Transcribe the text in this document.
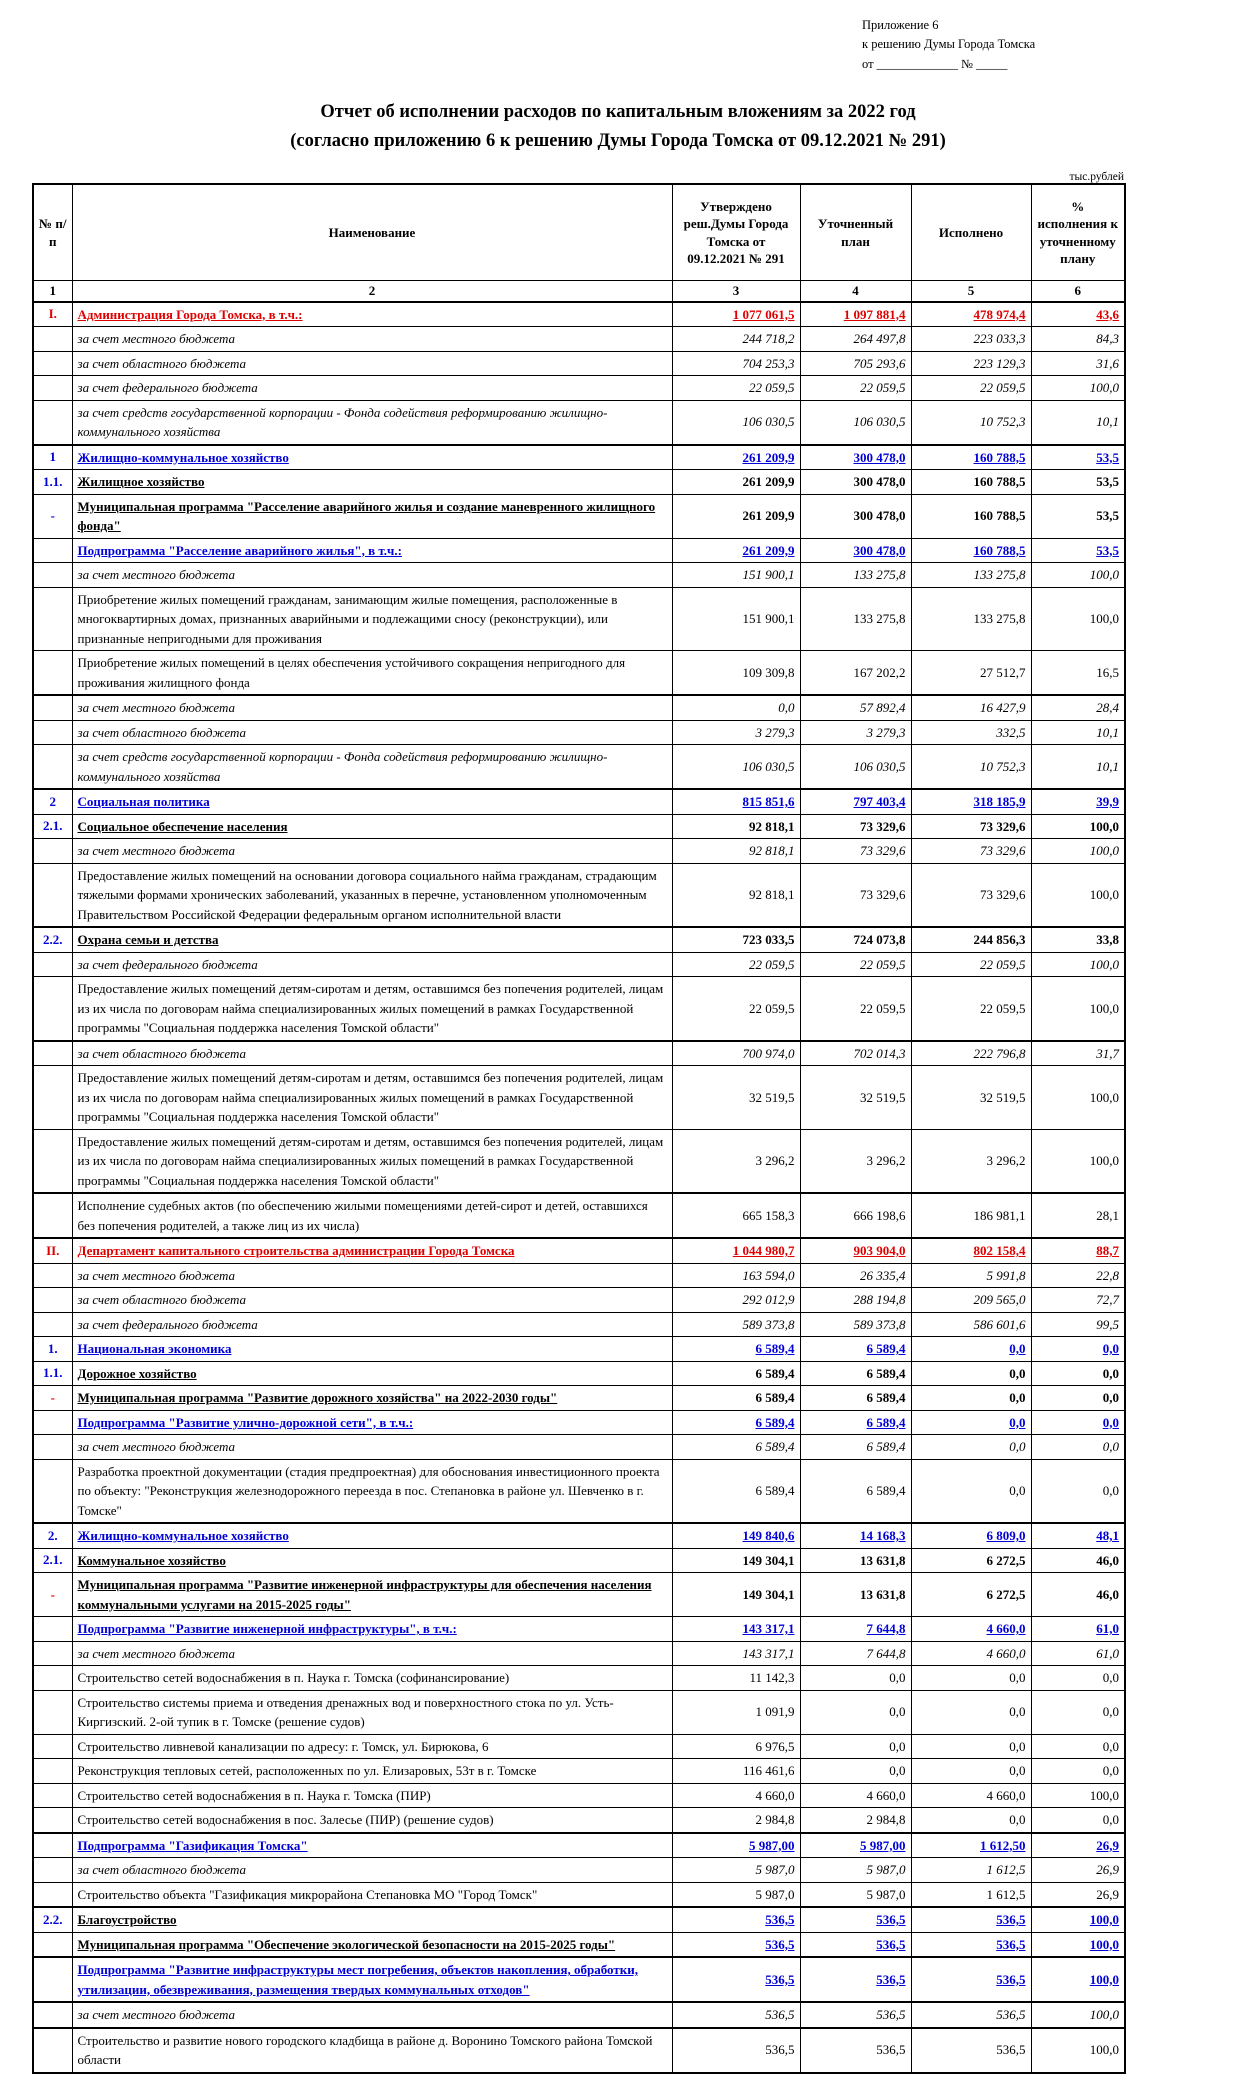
Приложение 6
к решению Думы Города Томска
от _____________ № _____
Отчет об исполнении расходов по капитальным вложениям за 2022 год
(согласно приложению 6 к решению Думы Города Томска от 09.12.2021 № 291)
тыс.рублей
№ п/п	Наименование	Утверждено реш.Думы Города Томска от 09.12.2021 № 291	Уточненный план	Исполнено	% исполнения к уточненному плану
1	2	3	4	5	6
I.	Администрация Города Томска, в т.ч.:	1 077 061,5	1 097 881,4	478 974,4	43,6
	за счет местного бюджета	244 718,2	264 497,8	223 033,3	84,3
	за счет областного бюджета	704 253,3	705 293,6	223 129,3	31,6
	за счет федерального бюджета	22 059,5	22 059,5	22 059,5	100,0
	за счет средств государственной корпорации - Фонда содействия реформированию жилищно-коммунального хозяйства	106 030,5	106 030,5	10 752,3	10,1
1	Жилищно-коммунальное хозяйство	261 209,9	300 478,0	160 788,5	53,5
1.1.	Жилищное хозяйство	261 209,9	300 478,0	160 788,5	53,5
-	Муниципальная программа "Расселение аварийного жилья и создание маневренного жилищного фонда"	261 209,9	300 478,0	160 788,5	53,5
	Подпрограмма "Расселение аварийного жилья", в т.ч.:	261 209,9	300 478,0	160 788,5	53,5
	за счет местного бюджета	151 900,1	133 275,8	133 275,8	100,0
	Приобретение жилых помещений гражданам, занимающим жилые помещения, расположенные в многоквартирных домах, признанных аварийными и подлежащими сносу (реконструкции), или признанные непригодными для проживания	151 900,1	133 275,8	133 275,8	100,0
	Приобретение жилых помещений в целях обеспечения устойчивого сокращения непригодного для проживания жилищного фонда	109 309,8	167 202,2	27 512,7	16,5
	за счет местного бюджета	0,0	57 892,4	16 427,9	28,4
	за счет областного бюджета	3 279,3	3 279,3	332,5	10,1
	за счет средств государственной корпорации - Фонда содействия реформированию жилищно-коммунального хозяйства	106 030,5	106 030,5	10 752,3	10,1
2	Социальная политика	815 851,6	797 403,4	318 185,9	39,9
2.1.	Социальное обеспечение населения	92 818,1	73 329,6	73 329,6	100,0
	за счет местного бюджета	92 818,1	73 329,6	73 329,6	100,0
	Предоставление жилых помещений на основании договора социального найма гражданам, страдающим тяжелыми формами хронических заболеваний, указанных в перечне, установленном уполномоченным Правительством Российской Федерации федеральным органом исполнительной власти	92 818,1	73 329,6	73 329,6	100,0
2.2.	Охрана семьи и детства	723 033,5	724 073,8	244 856,3	33,8
	за счет федерального бюджета	22 059,5	22 059,5	22 059,5	100,0
	Предоставление жилых помещений детям-сиротам и детям, оставшимся без попечения родителей, лицам из их числа по договорам найма специализированных жилых помещений в рамках Государственной программы "Социальная поддержка населения Томской области"	22 059,5	22 059,5	22 059,5	100,0
	за счет областного бюджета	700 974,0	702 014,3	222 796,8	31,7
	Предоставление жилых помещений детям-сиротам и детям, оставшимся без попечения родителей, лицам из их числа по договорам найма специализированных жилых помещений в рамках Государственной программы "Социальная поддержка населения Томской области"	32 519,5	32 519,5	32 519,5	100,0
	Предоставление жилых помещений детям-сиротам и детям, оставшимся без попечения родителей, лицам из их числа по договорам найма специализированных жилых помещений в рамках Государственной программы "Социальная поддержка населения Томской области"	3 296,2	3 296,2	3 296,2	100,0
	Исполнение судебных актов (по обеспечению жилыми помещениями детей-сирот и детей, оставшихся без попечения родителей, а также лиц из их числа)	665 158,3	666 198,6	186 981,1	28,1
II.	Департамент капитального строительства администрации Города Томска	1 044 980,7	903 904,0	802 158,4	88,7
	за счет местного бюджета	163 594,0	26 335,4	5 991,8	22,8
	за счет областного бюджета	292 012,9	288 194,8	209 565,0	72,7
	за счет федерального бюджета	589 373,8	589 373,8	586 601,6	99,5
1.	Национальная экономика	6 589,4	6 589,4	0,0	0,0
1.1.	Дорожное хозяйство	6 589,4	6 589,4	0,0	0,0
-	Муниципальная программа "Развитие дорожного хозяйства" на 2022-2030 годы"	6 589,4	6 589,4	0,0	0,0
	Подпрограмма "Развитие улично-дорожной сети", в т.ч.:	6 589,4	6 589,4	0,0	0,0
	за счет местного бюджета	6 589,4	6 589,4	0,0	0,0
	Разработка проектной документации (стадия предпроектная) для обоснования инвестиционного проекта по объекту: "Реконструкция железнодорожного переезда в пос. Степановка в районе ул. Шевченко в г. Томске"	6 589,4	6 589,4	0,0	0,0
2.	Жилищно-коммунальное хозяйство	149 840,6	14 168,3	6 809,0	48,1
2.1.	Коммунальное хозяйство	149 304,1	13 631,8	6 272,5	46,0
-	Муниципальная программа "Развитие инженерной инфраструктуры для обеспечения населения коммунальными услугами на 2015-2025 годы"	149 304,1	13 631,8	6 272,5	46,0
	Подпрограмма "Развитие инженерной инфраструктуры", в т.ч.:	143 317,1	7 644,8	4 660,0	61,0
	за счет местного бюджета	143 317,1	7 644,8	4 660,0	61,0
	Строительство сетей водоснабжения в п. Наука г. Томска (софинансирование)	11 142,3	0,0	0,0	0,0
	Строительство системы приема и отведения дренажных вод и поверхностного стока по ул. Усть-Киргизский. 2-ой тупик в г. Томске (решение судов)	1 091,9	0,0	0,0	0,0
	Строительство ливневой канализации по адресу: г. Томск, ул. Бирюкова, 6	6 976,5	0,0	0,0	0,0
	Реконструкция тепловых сетей, расположенных по ул. Елизаровых, 53т в г. Томске	116 461,6	0,0	0,0	0,0
	Строительство сетей водоснабжения в п. Наука г. Томска (ПИР)	4 660,0	4 660,0	4 660,0	100,0
	Строительство сетей водоснабжения в пос. Залесье (ПИР) (решение судов)	2 984,8	2 984,8	0,0	0,0
	Подпрограмма "Газификация Томска"	5 987,00	5 987,00	1 612,50	26,9
	за счет областного бюджета	5 987,0	5 987,0	1 612,5	26,9
	Строительство объекта "Газификация микрорайона Степановка МО "Город Томск"	5 987,0	5 987,0	1 612,5	26,9
2.2.	Благоустройство	536,5	536,5	536,5	100,0
	Муниципальная программа "Обеспечение экологической безопасности на 2015-2025 годы"	536,5	536,5	536,5	100,0
	Подпрограмма "Развитие инфраструктуры мест погребения, объектов накопления, обработки, утилизации, обезвреживания, размещения твердых коммунальных отходов"	536,5	536,5	536,5	100,0
	за счет местного бюджета	536,5	536,5	536,5	100,0
	Строительство и развитие нового городского кладбища в районе д. Воронино Томского района Томской области	536,5	536,5	536,5	100,0
